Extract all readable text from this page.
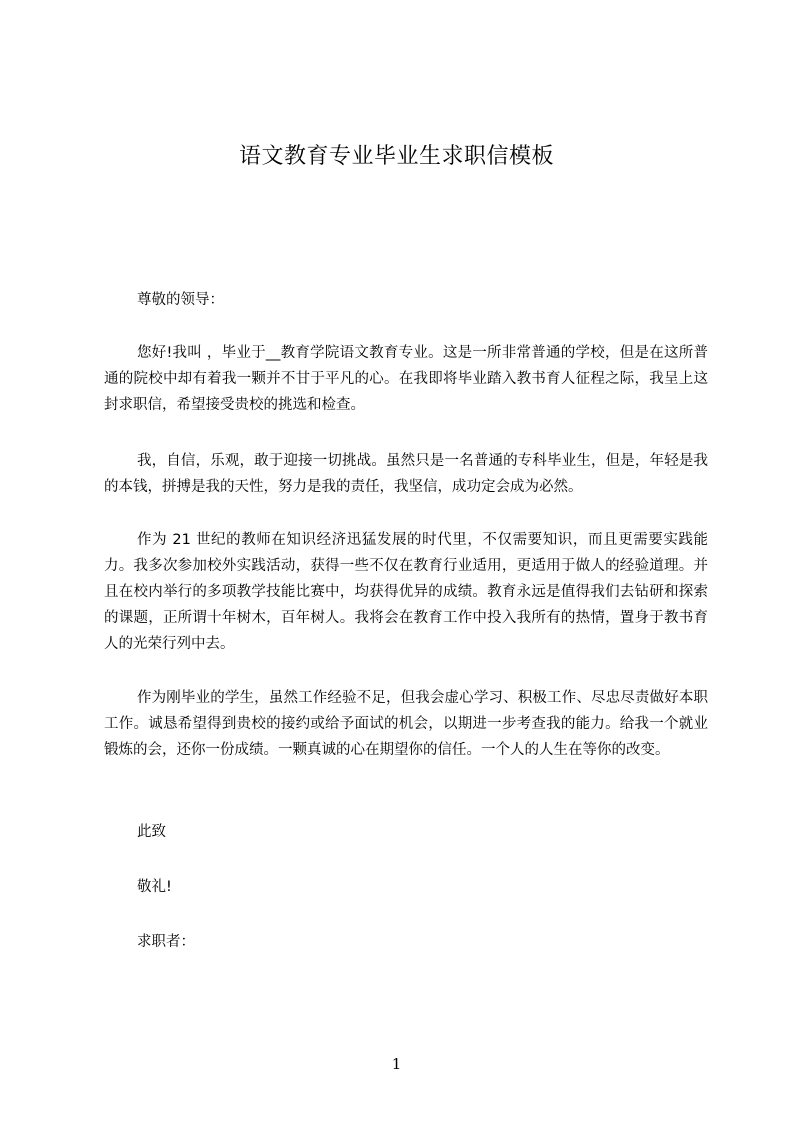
语文教育专业毕业生求职信模板
尊敬的领导：
您好!我叫 ，毕业于__教育学院语文教育专业。这是一所非常普通的学校，但是在这所普通的院校中却有着我一颗并不甘于平凡的心。在我即将毕业踏入教书育人征程之际，我呈上这封求职信，希望接受贵校的挑选和检查。
我，自信，乐观，敢于迎接一切挑战。虽然只是一名普通的专科毕业生，但是，年轻是我的本钱，拼搏是我的天性，努力是我的责任，我坚信，成功定会成为必然。
作为 21 世纪的教师在知识经济迅猛发展的时代里，不仅需要知识，而且更需要实践能力。我多次参加校外实践活动，获得一些不仅在教育行业适用，更适用于做人的经验道理。并且在校内举行的多项教学技能比赛中，均获得优异的成绩。教育永远是值得我们去钻研和探索的课题，正所谓十年树木，百年树人。我将会在教育工作中投入我所有的热情，置身于教书育人的光荣行列中去。
作为刚毕业的学生，虽然工作经验不足，但我会虚心学习、积极工作、尽忠尽责做好本职工作。诚恳希望得到贵校的接约或给予面试的机会，以期进一步考查我的能力。给我一个就业锻炼的会，还你一份成绩。一颗真诚的心在期望你的信任。一个人的人生在等你的改变。
此致
敬礼!
求职者：
1
